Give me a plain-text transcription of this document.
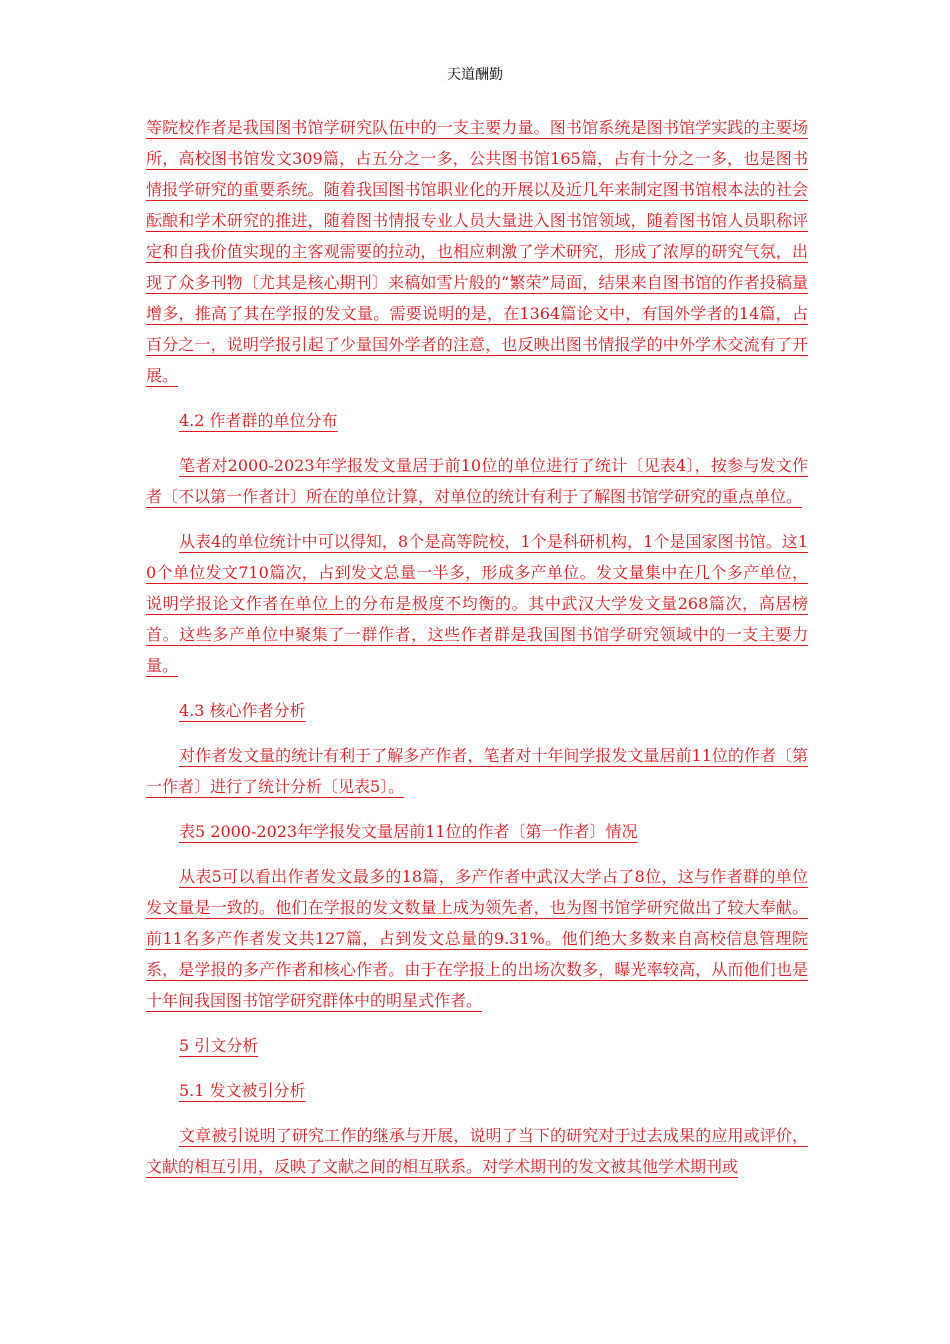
天道酬勤

等院校作者是我国图书馆学研究队伍中的一支主要力量。图书馆系统是图书馆学实践的主要场所，高校图书馆发文309篇，占五分之一多，公共图书馆165篇，占有十分之一多，也是图书情报学研究的重要系统。随着我国图书馆职业化的开展以及近几年来制定图书馆根本法的社会酝酿和学术研究的推进，随着图书情报专业人员大量进入图书馆领域，随着图书馆人员职称评定和自我价值实现的主客观需要的拉动，也相应刺激了学术研究，形成了浓厚的研究气氛，出现了众多刊物〔尤其是核心期刊〕来稿如雪片般的“繁荣”局面，结果来自图书馆的作者投稿量增多，推高了其在学报的发文量。需要说明的是，在1364篇论文中，有国外学者的14篇，占百分之一，说明学报引起了少量国外学者的注意，也反映出图书情报学的中外学术交流有了开展。

4.2 作者群的单位分布

笔者对2000-2023年学报发文量居于前10位的单位进行了统计〔见表4〕，按参与发文作者〔不以第一作者计〕所在的单位计算，对单位的统计有利于了解图书馆学研究的重点单位。

从表4的单位统计中可以得知，8个是高等院校，1个是科研机构，1个是国家图书馆。这10个单位发文710篇次，占到发文总量一半多，形成多产单位。发文量集中在几个多产单位，说明学报论文作者在单位上的分布是极度不均衡的。其中武汉大学发文量268篇次，高居榜首。这些多产单位中聚集了一群作者，这些作者群是我国图书馆学研究领域中的一支主要力量。

4.3 核心作者分析

对作者发文量的统计有利于了解多产作者，笔者对十年间学报发文量居前11位的作者〔第一作者〕进行了统计分析〔见表5〕。

表5 2000-2023年学报发文量居前11位的作者〔第一作者〕情况

从表5可以看出作者发文最多的18篇，多产作者中武汉大学占了8位，这与作者群的单位发文量是一致的。他们在学报的发文数量上成为领先者，也为图书馆学研究做出了较大奉献。前11名多产作者发文共127篇，占到发文总量的9.31%。他们绝大多数来自高校信息管理院系，是学报的多产作者和核心作者。由于在学报上的出场次数多，曝光率较高，从而他们也是十年间我国图书馆学研究群体中的明星式作者。

5 引文分析

5.1 发文被引分析

文章被引说明了研究工作的继承与开展，说明了当下的研究对于过去成果的应用或评价，文献的相互引用，反映了文献之间的相互联系。对学术期刊的发文被其他学术期刊或
